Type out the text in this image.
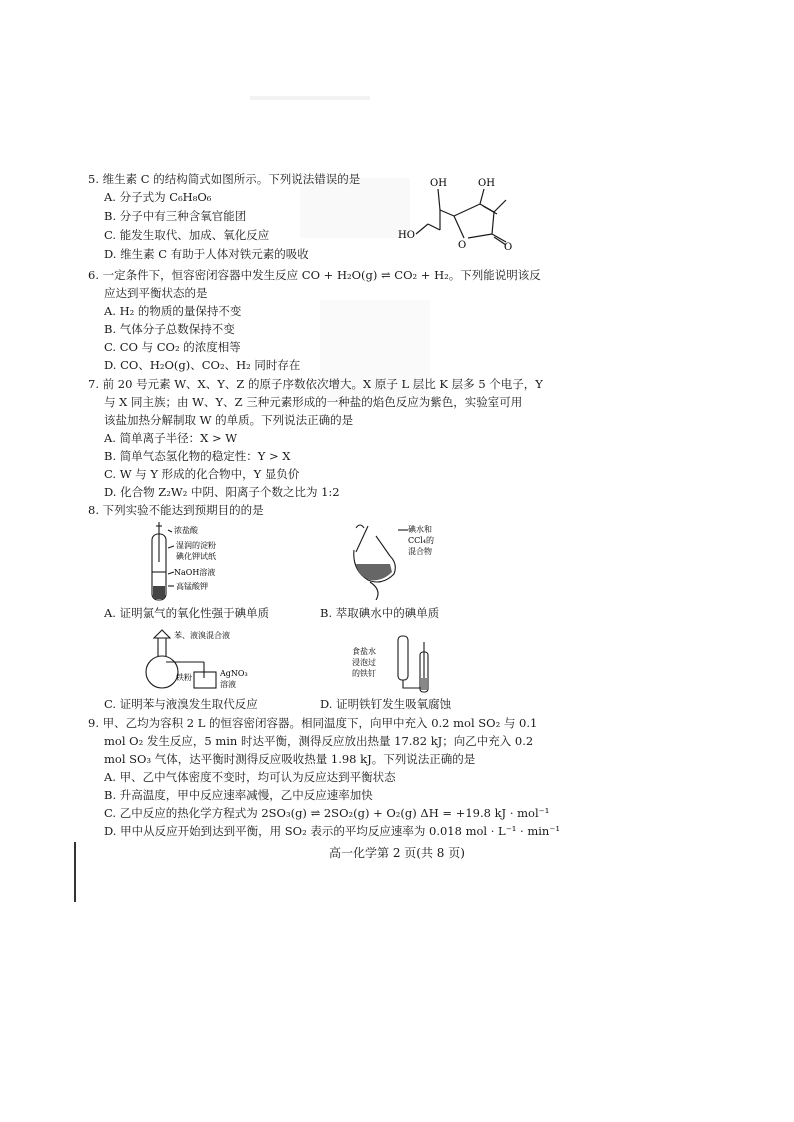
5. 维生素 C 的结构简式如图所示。下列说法错误的是
A. 分子式为 C₆H₈O₆
B. 分子中有三种含氧官能团
C. 能发生取代、加成、氧化反应
D. 维生素 C 有助于人体对铁元素的吸收
OH	OH
HO
O	O
6. 一定条件下，恒容密闭容器中发生反应 CO + H₂O(g) ⇌ CO₂ + H₂。下列能说明该反
应达到平衡状态的是
A. H₂ 的物质的量保持不变
B. 气体分子总数保持不变
C. CO 与 CO₂ 的浓度相等
D. CO、H₂O(g)、CO₂、H₂ 同时存在
7. 前 20 号元素 W、X、Y、Z 的原子序数依次增大。X 原子 L 层比 K 层多 5 个电子，Y
与 X 同主族；由 W、Y、Z 三种元素形成的一种盐的焰色反应为紫色，实验室可用
该盐加热分解制取 W 的单质。下列说法正确的是
A. 简单离子半径：X > W
B. 简单气态氢化物的稳定性：Y > X
C. W 与 Y 形成的化合物中，Y 显负价
D. 化合物 Z₂W₂ 中阴、阳离子个数之比为 1:2
8. 下列实验不能达到预期目的的是
浓盐酸
湿润的淀粉
碘化钾试纸
NaOH溶液
高锰酸钾
碘水和
CCl₄的
混合物
A. 证明氯气的氧化性强于碘单质	B. 萃取碘水中的碘单质
苯、液溴混合液
铁粉	AgNO₃
溶液
食盐水
浸泡过
的铁钉
C. 证明苯与液溴发生取代反应	D. 证明铁钉发生吸氧腐蚀
9. 甲、乙均为容积 2 L 的恒容密闭容器。相同温度下，向甲中充入 0.2 mol SO₂ 与 0.1
mol O₂ 发生反应，5 min 时达平衡，测得反应放出热量 17.82 kJ；向乙中充入 0.2
mol SO₃ 气体，达平衡时测得反应吸收热量 1.98 kJ。下列说法正确的是
A. 甲、乙中气体密度不变时，均可认为反应达到平衡状态
B. 升高温度，甲中反应速率减慢，乙中反应速率加快
C. 乙中反应的热化学方程式为 2SO₃(g) ⇌ 2SO₂(g) + O₂(g) ΔH = +19.8 kJ · mol⁻¹
D. 甲中从反应开始到达到平衡，用 SO₂ 表示的平均反应速率为 0.018 mol · L⁻¹ · min⁻¹
高一化学第 2 页(共 8 页)
